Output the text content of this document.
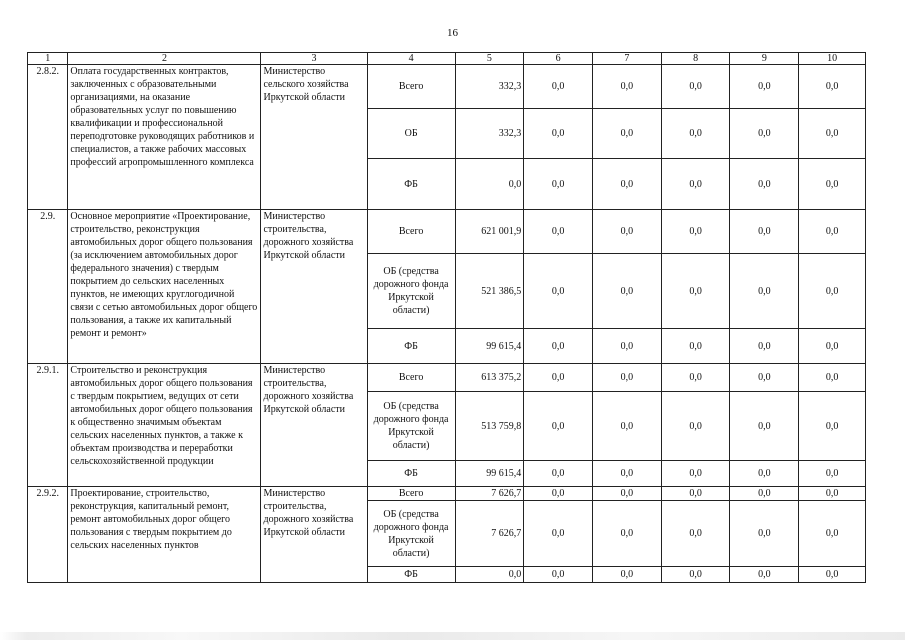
16
1	2	3	4	5	6	7	8	9	10
2.8.2.	Оплата государственных контрактов, заключенных с образовательными организациями, на оказание образовательных услуг по повышению квалификации и профессиональной переподготовке руководящих работников и специалистов, а также рабочих массовых профессий агропромышленного комплекса	Министерство сельского хозяйства Иркутской области	Всего	332,3	0,0	0,0	0,0	0,0	0,0
			ОБ	332,3	0,0	0,0	0,0	0,0	0,0
			ФБ	0,0	0,0	0,0	0,0	0,0	0,0
2.9.	Основное мероприятие «Проектирование, строительство, реконструкция автомобильных дорог общего пользования (за исключением автомобильных дорог федерального значения) с твердым покрытием до сельских населенных пунктов, не имеющих круглогодичной связи с сетью автомобильных дорог общего пользования, а также их капитальный ремонт и ремонт»	Министерство строительства, дорожного хозяйства Иркутской области	Всего	621 001,9	0,0	0,0	0,0	0,0	0,0
			ОБ (средства дорожного фонда Иркутской области)	521 386,5	0,0	0,0	0,0	0,0	0,0
			ФБ	99 615,4	0,0	0,0	0,0	0,0	0,0
2.9.1.	Строительство и реконструкция автомобильных дорог общего пользования с твердым покрытием, ведущих от сети автомобильных дорог общего пользования к общественно значимым объектам сельских населенных пунктов, а также к объектам производства и переработки сельскохозяйственной продукции	Министерство строительства, дорожного хозяйства Иркутской области	Всего	613 375,2	0,0	0,0	0,0	0,0	0,0
			ОБ (средства дорожного фонда Иркутской области)	513 759,8	0,0	0,0	0,0	0,0	0,0
			ФБ	99 615,4	0,0	0,0	0,0	0,0	0,0
2.9.2.	Проектирование, строительство, реконструкция, капитальный ремонт, ремонт автомобильных дорог общего пользования с твердым покрытием до сельских населенных пунктов	Министерство строительства, дорожного хозяйства Иркутской области	Всего	7 626,7	0,0	0,0	0,0	0,0	0,0
			ОБ (средства дорожного фонда Иркутской области)	7 626,7	0,0	0,0	0,0	0,0	0,0
			ФБ	0,0	0,0	0,0	0,0	0,0	0,0
